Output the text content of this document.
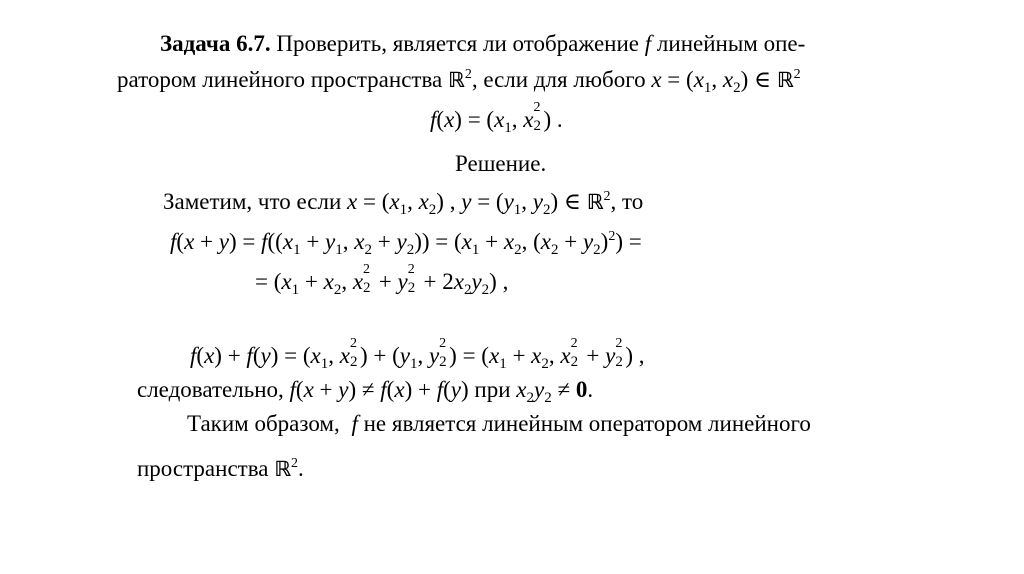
Задача 6.7. Проверить, является ли отображение f линейным опе-
ратором линейного пространства ℝ$^2$, если для любого $x = (x_1$, $x_2$) ∈ ℝ$^2$
$f(x) = (x_1$, x 2
2 ) .
Решение.
Заметим, что если $x = (x_1$, $x_2$) , $y = (y_1$, $y_2$) ∈ ℝ$^2$, то
$f(x + y) = f((x_1 + y_1$, $x_2 + y_2)) = (x_1 + x_2$, $(x_2 + y_2)^2$) =
= ($x_1 + x_2$, x 2
2 + y 2
$2 + 2x_2y_2$) ,
$f(x) + f(y) = (x_1$, x 2
2 ) + ($y_1$, y 2
2 ) = ($x_1 + x_2$, x 2
2 + y 2
2 ) ,
следовательно, f(x + y) ≠ f(x) + f(y) при $x_2y_2 \ne 0$.
Таким образом, f не является линейным оператором линейного
пространства ℝ$^2$.
